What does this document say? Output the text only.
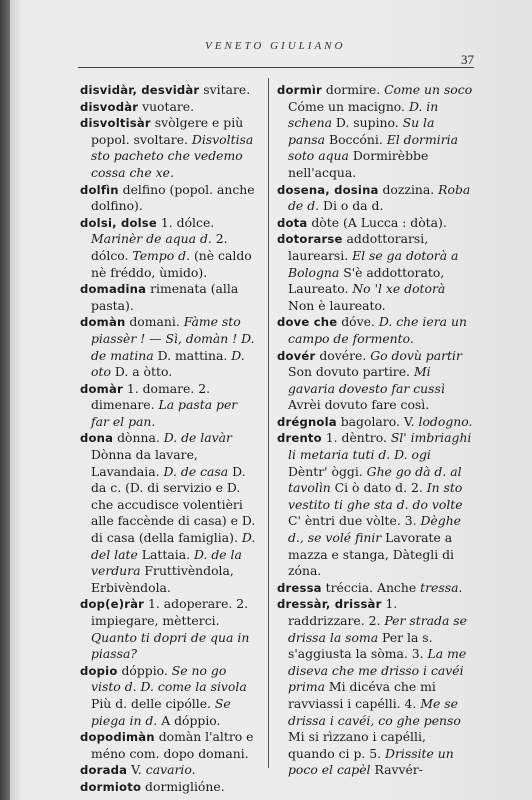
VENETO GIULIANO
37
disvidàr, desvidàr svitare.
disvodàr vuotare.
disvoltisàr svòlgere e più popol. svoltare. Disvoltisa sto pacheto che vedemo cossa che xe.
dolfìn delfino (popol. anche dolfino).
dolsi, dolse 1. dólce. Marinèr de aqua d. 2. dólco. Tempo d. (nè caldo nè fréddo, ùmido).
domadina rimenata (alla pasta).
domàn domani. Fàme sto piassèr ! — Sì, domàn ! D. de matina D. mattina. D. oto D. a òtto.
domàr 1. domare. 2. dimenare. La pasta per far el pan.
dona dònna. D. de lavàr Dònna da lavare, Lavandaia. D. de casa D. da c. (D. di servizio e D. che accudisce volentièri alle faccènde di casa) e D. di casa (della famiglia). D. del late Lattaia. D. de la verdura Fruttivèndola, Erbivèndola.
dop(e)ràr 1. adoperare. 2. impiegare, mètterci. Quanto ti dopri de qua in piassa?
dopio dóppio. Se no go visto d. D. come la sivola Più d. delle cipólle. Se piega in d. A dóppio.
dopodimàn domàn l'altro e méno com. dopo domani.
dorada V. cavario.
dormioto dormiglióne.
dormìr dormire. Come un soco Cóme un macigno. D. in schena D. supino. Su la pansa Boccóni. El dormiria soto aqua Dormirèbbe nell'acqua.
dosena, dosina dozzina. Roba de d. Di o da d.
dota dòte (A Lucca : dòta).
dotorarse addottorarsi, laurearsi. El se ga dotorà a Bologna S'è addottorato, Laureato. No 'l xe dotorà Non è laureato.
dove che dóve. D. che iera un campo de formento.
dovér dovére. Go dovù partir Son dovuto partire. Mi gavaria dovesto far cussì Avrèi dovuto fare così.
drégnola bagolaro. V. lodogno.
drento 1. dèntro. Sl' imbriaghi li metaria tuti d. D. ogi Dèntr' òggi. Ghe go dà d. al tavolìn Ci ò dato d. 2. In sto vestito ti ghe sta d. do volte C' èntri due vòlte. 3. Dèghe d., se volé finir Lavorate a mazza e stanga, Dàtegli di zóna.
dressa tréccia. Anche tressa.
dressàr, drissàr 1. raddrizzare. 2. Per strada se drissa la soma Per la s. s'aggiusta la sòma. 3. La me diseva che me drisso i cavéi prima Mi dicéva che mi ravviassi i capélli. 4. Me se drissa i cavéi, co ghe penso Mi si rìzzano i capélli, quando ci p. 5. Drissite un poco el capèl Ravvér-
